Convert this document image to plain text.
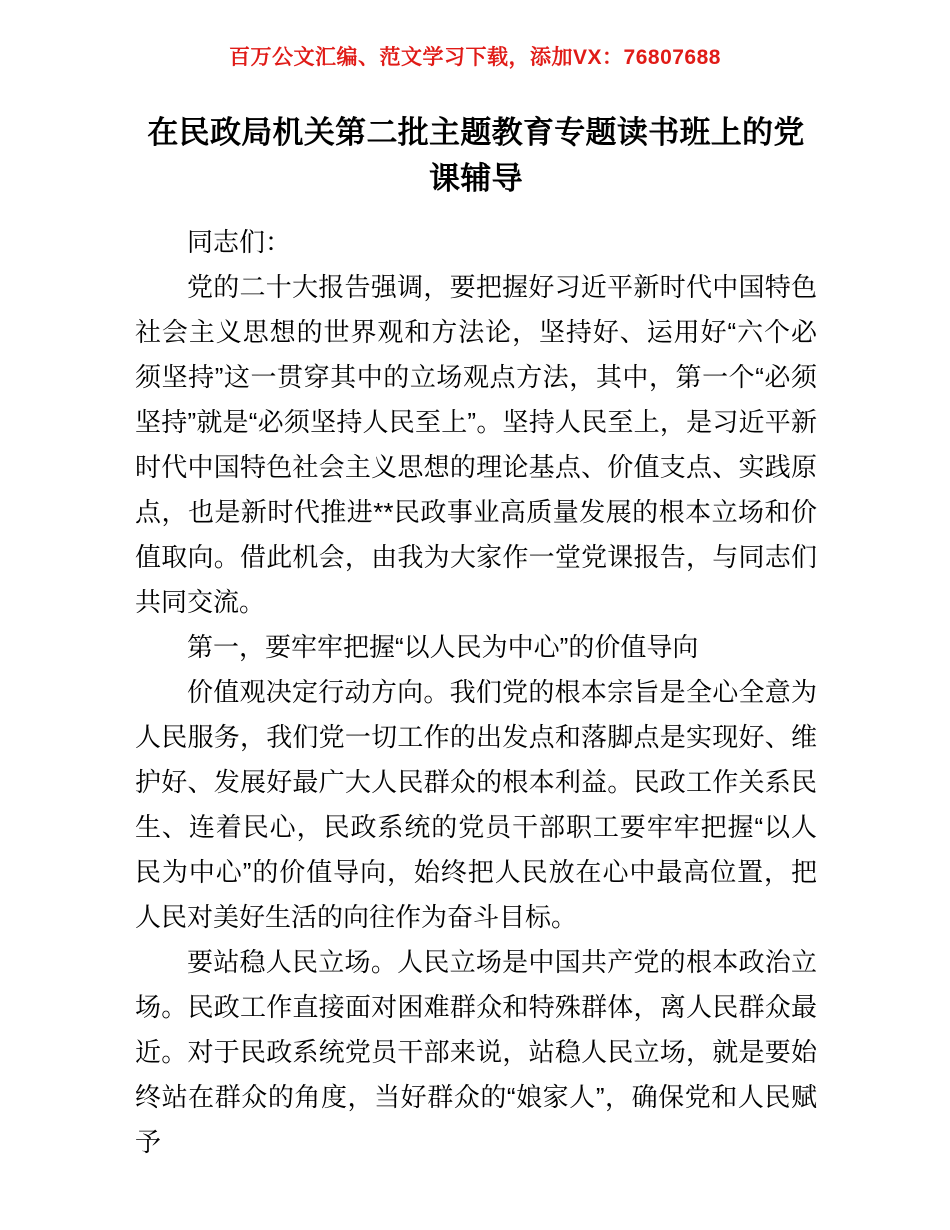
百万公文汇编、范文学习下载，添加VX：76807688
在民政局机关第二批主题教育专题读书班上的党课辅导

同志们：

党的二十大报告强调，要把握好习近平新时代中国特色社会主义思想的世界观和方法论，坚持好、运用好“六个必须坚持”这一贯穿其中的立场观点方法，其中，第一个“必须坚持”就是“必须坚持人民至上”。坚持人民至上，是习近平新时代中国特色社会主义思想的理论基点、价值支点、实践原点，也是新时代推进**民政事业高质量发展的根本立场和价值取向。借此机会，由我为大家作一堂党课报告，与同志们共同交流。

第一，要牢牢把握“以人民为中心”的价值导向

价值观决定行动方向。我们党的根本宗旨是全心全意为人民服务，我们党一切工作的出发点和落脚点是实现好、维护好、发展好最广大人民群众的根本利益。民政工作关系民生、连着民心，民政系统的党员干部职工要牢牢把握“以人民为中心”的价值导向，始终把人民放在心中最高位置，把人民对美好生活的向往作为奋斗目标。

要站稳人民立场。人民立场是中国共产党的根本政治立场。民政工作直接面对困难群众和特殊群体，离人民群众最近。对于民政系统党员干部来说，站稳人民立场，就是要始终站在群众的角度，当好群众的“娘家人”，确保党和人民赋予
